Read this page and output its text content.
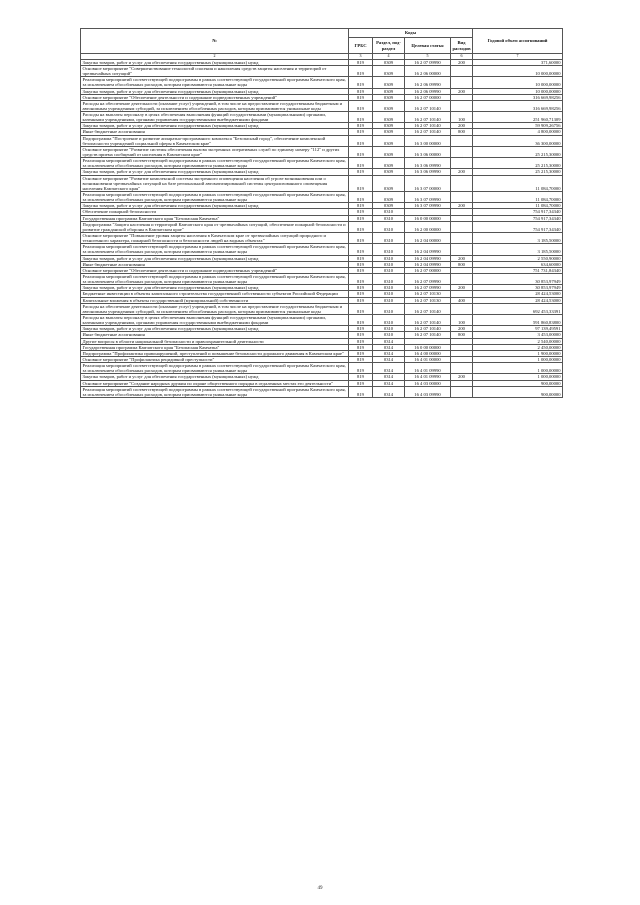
№	Коды				Годовой объем ассигнований
	ГРБС	Раздел, под-раздел	Целевая статья	Вид расходов	
2	3	4	5	6	7
Закупка товаров, работ и услуг для обеспечения государственных (муниципальных) нужд	819	0309	16 2 07 09990	200	371,60000
Основное мероприятие "Совершенствование технологий спасения и накопления средств защиты населения и территорий от чрезвычайных ситуаций"	819	0309	16 2 06 00000		10 000,00000
Реализация мероприятий соответствующей подпрограммы в рамках соответствующей государственной программы Камчатского края, за исключением обособленных расходов, которым присваиваются уникальные коды	819	0309	16 2 06 09990		10 000,00000
Закупка товаров, работ и услуг для обеспечения государственных (муниципальных) нужд	819	0309	16 2 06 09990	200	10 000,00000
Основное мероприятие "Обеспечение деятельности и содержание подведомственных учреждений"	819	0309	16 2 07 00000		316 669,98256
Расходы на обеспечение деятельности (оказание услуг) учреждений, в том числе на предоставление государственным бюджетным и автономным учреждениям субсидий, за исключением обособленных расходов, которым присваиваются уникальные коды	819	0309	16 2 07 10140		316 669,98256
Расходы на выплаты персоналу в целях обеспечения выполнения функций государственными (муниципальными) органами, казенными учреждениями, органами управления государственными внебюджетными фондами	819	0309	16 2 07 10140	100	251 960,71309
Закупка товаров, работ и услуг для обеспечения государственных (муниципальных) нужд	819	0309	16 2 07 10140	200	59 909,26756
Иные бюджетные ассигнования	819	0309	16 2 07 10140	800	4 800,00000
Подпрограмма "Построение и развитие аппаратно-программного комплекса "Безопасный город", обеспечение комплексной безопасности учреждений социальной сферы в Камчатском крае"	819	0309	16 3 00 00000		36 300,00000
Основное мероприятие "Развитие системы обеспечения вызова экстренных оперативных служб по единому номеру "112" и других средств приема сообщений от населения в Камчатском крае"	819	0309	16 3 06 00000		25 215,30000
Реализация мероприятий соответствующей подпрограммы в рамках соответствующей государственной программы Камчатского края, за исключением обособленных расходов, которым присваиваются уникальные коды	819	0309	16 3 06 09990		25 215,30000
Закупка товаров, работ и услуг для обеспечения государственных (муниципальных) нужд	819	0309	16 3 06 09990	200	25 215,30000
Основное мероприятие "Развитие комплексной системы экстренного оповещения населения об угрозе возникновения или о возникновении чрезвычайных ситуаций на базе региональной автоматизированной системы централизованного оповещения населения Камчатского края"	819	0309	16 3 07 00000		11 084,70000
Реализация мероприятий соответствующей подпрограммы в рамках соответствующей государственной программы Камчатского края, за исключением обособленных расходов, которым присваиваются уникальные коды	819	0309	16 3 07 09990		11 084,70000
Закупка товаров, работ и услуг для обеспечения государственных (муниципальных) нужд	819	0309	16 3 07 09990	200	11 084,70000
Обеспечение пожарной безопасности	819	0310			754 917,34340
Государственная программа Камчатского края "Безопасная Камчатка"	819	0310	16 0 00 00000		754 917,34340
Подпрограмма "Защита населения и территорий Камчатского края от чрезвычайных ситуаций, обеспечение пожарной безопасности и развитие гражданской обороны в Камчатском крае"	819	0310	16 2 00 00000		754 917,34340
Основное мероприятие "Повышение уровня защиты населения в Камчатском крае от чрезвычайных ситуаций природного и техногенного характера, пожарной безопасности и безопасности людей на водных объектах"	819	0310	16 2 04 00000		3 185,50000
Реализация мероприятий соответствующей подпрограммы в рамках соответствующей государственной программы Камчатского края, за исключением обособленных расходов, которым присваиваются уникальные коды	819	0310	16 2 04 09990		3 185,50000
Закупка товаров, работ и услуг для обеспечения государственных (муниципальных) нужд	819	0310	16 2 04 09990	200	2 550,90000
Иные бюджетные ассигнования	819	0310	16 2 04 09990	800	634,60000
Основное мероприятие "Обеспечение деятельности и содержание подведомственных учреждений"	819	0310	16 2 07 00000		751 731,84340
Реализация мероприятий соответствующей подпрограммы в рамках соответствующей государственной программы Камчатского края, за исключением обособленных расходов, которым присваиваются уникальные коды	819	0310	16 2 07 09990		30 853,97949
Закупка товаров, работ и услуг для обеспечения государственных (муниципальных) нужд	819	0310	16 2 07 09990	200	30 853,97949
Бюджетные инвестиции в объекты капитального строительства государственной собственности субъектов Российской Федерации	819	0310	16 2 07 10130		28 424,53000
Капитальные вложения в объекты государственной (муниципальной) собственности	819	0310	16 2 07 10130	400	28 424,53000
Расходы на обеспечение деятельности (оказание услуг) учреждений, в том числе на предоставление государственным бюджетным и автономным учреждениям субсидий, за исключением обособленных расходов, которым присваиваются уникальные коды	819	0310	16 2 07 10140		692 453,33391
Расходы на выплаты персоналу в целях обеспечения выполнения функций государственными (муниципальными) органами, казенными учреждениями, органами управления государственными внебюджетными фондами	819	0310	16 2 07 10140	100	591 860,83800
Закупка товаров, работ и услуг для обеспечения государственных (муниципальных) нужд	819	0310	16 2 07 10140	200	97 139,49591
Иные бюджетные ассигнования	819	0310	16 2 07 10140	800	3 453,00000
Другие вопросы в области национальной безопасности и правоохранительной деятельности	819	0314			2 540,00000
Государственная программа Камчатского края "Безопасная Камчатка"	819	0314	16 0 00 00000		2 450,00000
Подпрограмма "Профилактика правонарушений, преступлений и повышение безопасности дорожного движения в Камчатском крае"	819	0314	16 4 00 00000		1 900,00000
Основное мероприятие "Профилактика рецидивной преступности"	819	0314	16 4 01 00000		1 000,00000
Реализация мероприятий соответствующей подпрограммы в рамках соответствующей государственной программы Камчатского края, за исключением обособленных расходов, которым присваиваются уникальные коды	819	0314	16 4 01 09990		1 000,00000
Закупка товаров, работ и услуг для обеспечения государственных (муниципальных) нужд	819	0314	16 4 01 09990	200	1 000,00000
Основное мероприятие "Создание народных дружин по охране общественного порядка в отдаленных местах его деятельности"	819	0314	16 4 03 00000		900,00000
Реализация мероприятий соответствующей подпрограммы в рамках соответствующей государственной программы Камчатского края, за исключением обособленных расходов, которым присваиваются уникальные коды	819	0314	16 4 03 09990		900,00000
49
